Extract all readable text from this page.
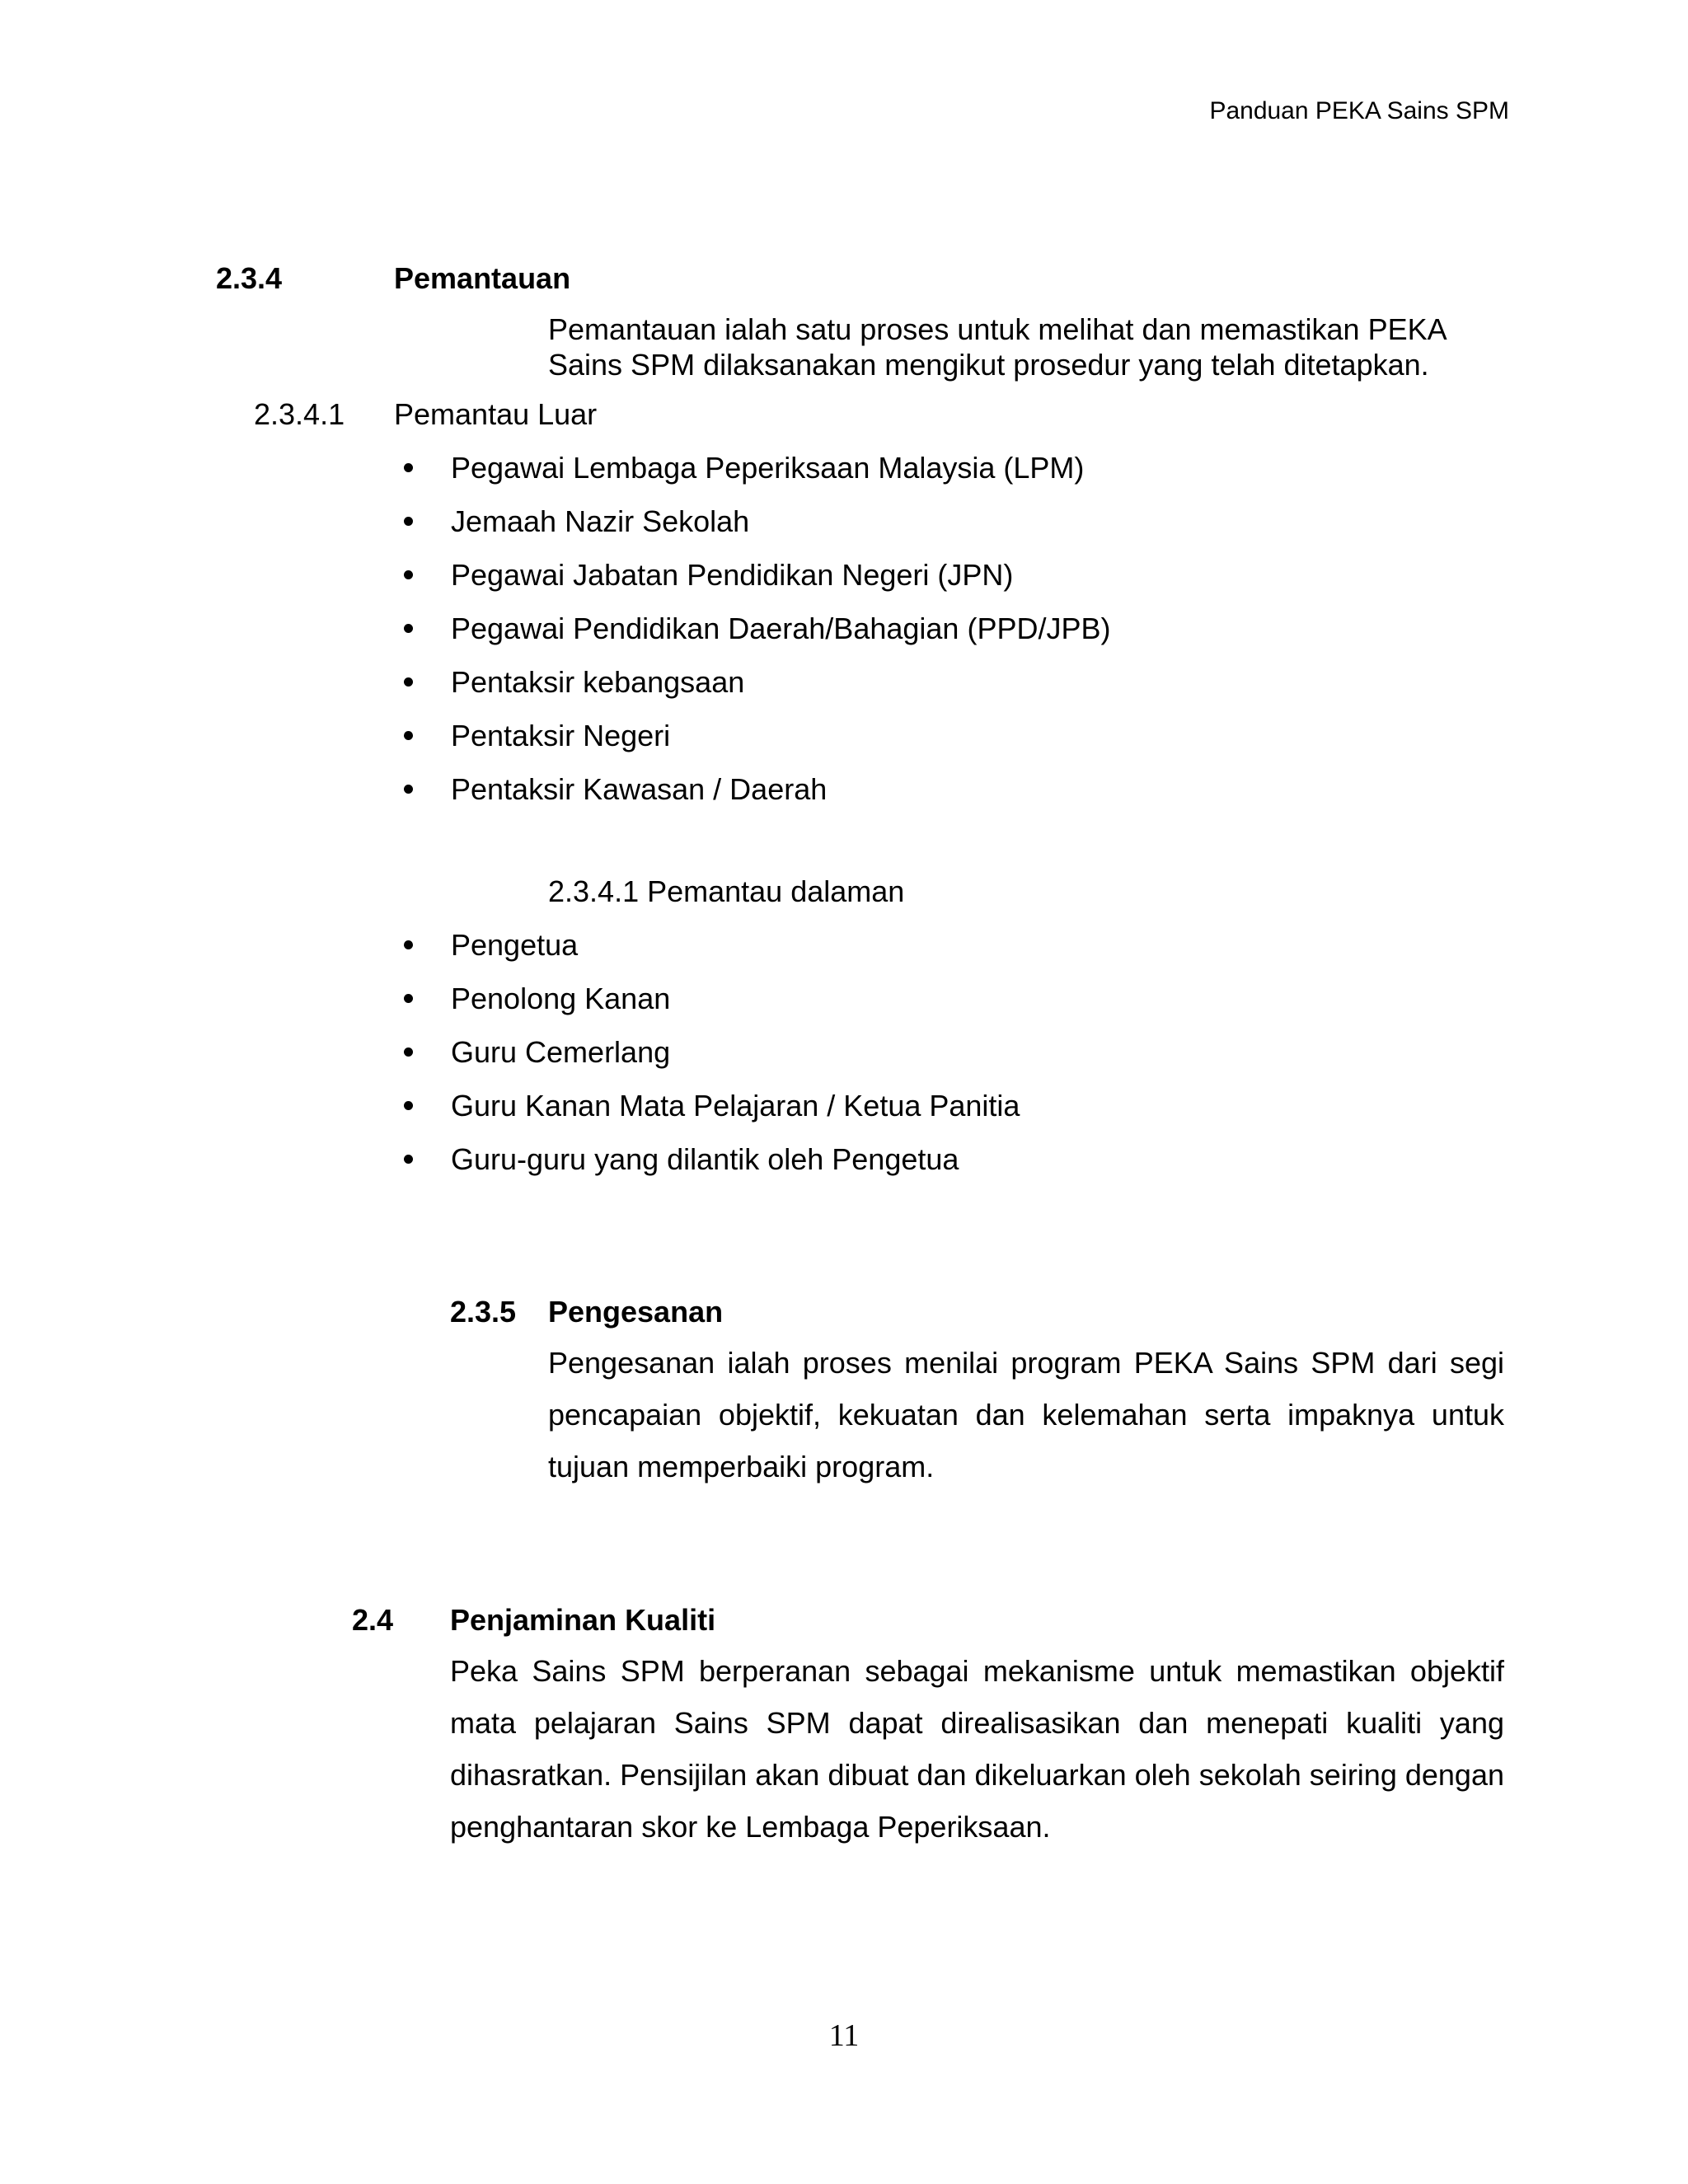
Panduan PEKA Sains SPM
2.3.4	Pemantauan
Pemantauan ialah satu proses untuk melihat dan memastikan PEKA
Sains SPM dilaksanakan mengikut prosedur yang telah ditetapkan.
2.3.4.1 Pemantau Luar
Pegawai Lembaga Peperiksaan Malaysia (LPM)
Jemaah Nazir Sekolah
Pegawai Jabatan Pendidikan Negeri (JPN)
Pegawai Pendidikan Daerah/Bahagian (PPD/JPB)
Pentaksir kebangsaan
Pentaksir Negeri
Pentaksir Kawasan / Daerah
2.3.4.1 Pemantau dalaman
Pengetua
Penolong Kanan
Guru Cemerlang
Guru Kanan Mata Pelajaran / Ketua Panitia
Guru-guru yang dilantik oleh Pengetua
2.3.5 Pengesanan
Pengesanan ialah proses menilai program PEKA Sains SPM dari segi pencapaian objektif, kekuatan dan kelemahan serta impaknya untuk tujuan memperbaiki program.
2.4 Penjaminan Kualiti
Peka Sains SPM berperanan sebagai mekanisme untuk memastikan objektif mata pelajaran Sains SPM dapat direalisasikan dan menepati kualiti yang dihasratkan. Pensijilan akan dibuat dan dikeluarkan oleh sekolah seiring dengan penghantaran skor ke Lembaga Peperiksaan.
11
